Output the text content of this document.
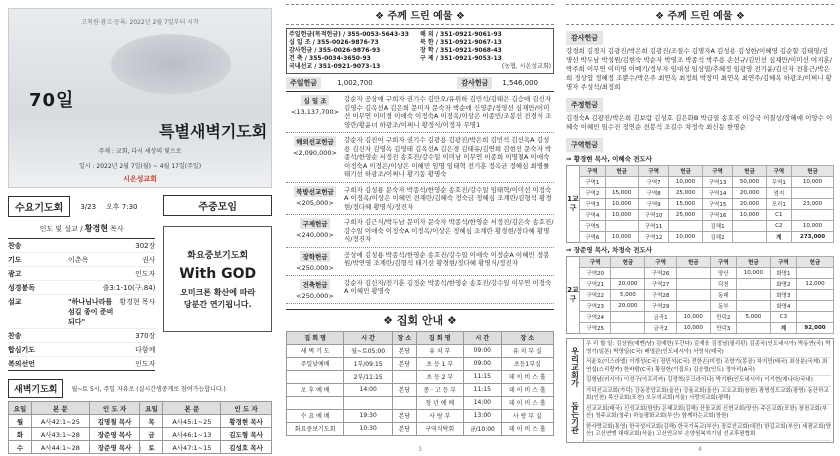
고척원·광고·등록: 2022년 2월 7일부터 시작
70일
특별새벽기도회
주제 : 교회, 다시 세상의 빛으로
일시 : 2022년 2월 7일(월) ~ 4월 17일(주일)
시온성교회
수요기도회	3/23 오후 7:30
인도 및 설교 / 황경현 목사
찬송	302장
기도	이춘옥	권사
광고	인도자
성경봉독	출3:1-10(구.84)
설교	"하나님나라를 섬길 종이 준비되다"
황경현 목사
찬송	370장
합심기도	다함께
복의선언	인도자
주중모임
화요중보기도회
With GOD
오미크론 확산에 따라
당분간 연기됩니다.
새벽기도회	월~토 5시, 주일 자유로 (실시간생중계로 참여가능합니다.)
요일	본 문	인 도 자	요일	본 문	인 도 자
월	A사42:1~25	김명철 목사	목	A사45:1~25	황경현 목사
화	A사43:1~28	장준영 목사	금	A사46:1~13	김도형 목사
수	A사44:1~28	장준영 목사	토	A사47:1~15	김성호 목사
2
❖ 주께 드린 예물 ❖
주일헌금(목적헌금) / 355-0053-5643-33
십 일 조 / 355-0026-9876-73
감사헌금 / 355-0026-9876-93
건 축 / 355-0034-3650-93
국내선교 / 351-0921-9073-13
해 외 / 351-0921-9061-93
북 한 / 351-0921-9067-13
장 학 / 351-0921-9068-43
구 제 / 351-0921-9053-13
(농협, 시온성교회)
주일헌금	1,002,700	감사헌금	1,546,000
십 일 조
<13,137,700>
강순자 공상애 구희자 권기수 김만오/유위하 김민석/김태은 김승애 김신자 김영수 김옥선A 김은희 문미자 문숙자 박순애 신영준/정영선 심재만/이미선 이무연 이미경 이애숙 이정숙A 이정옥/이상은 이종민/조봉선 전경식 조영란/황윤녀 하광조/이쩌니 황정식/이정자 무명1
해외선교헌금
<2,090,000>
강순자 김진이 구희자 권기수 김광용 김광진/박은희 김민석 김선옥A 김성용 김신자 김영옥 김영태 김옥선A 김은경 김태유/김연희 김현선 문숙자 박종석/한영순 서정진 송호진/강수일 이미남 이무연 이종희 이명철A 이애숙 이정숙A 이정은/이상은 이혜민 임명 임태혁 전기훈 정옥균 정혜심 최병률 태기선 하광조/이쩌니 황기동 황명숙
북방선교헌금
<205,000>
구희자 김성룡 문숙자 박종석/한영순 송호진/강수일 임태혁/이미선 이정숙A 이정옥/이상은 이혜민 전재란/김혜숙 정숙금 정혜심 조계란/김형석 황경현/정다혜 황명식/정진자
구제헌금
<240,000>
구희자 김근식/박두남 문미자 문숙자 박종석/한영순 서정진/김은숙 송호진/강수일 이애숙 이정숙A 이정옥/이상은 정혜심 조계란 황경현/정다혜 황명식/정진자
장학헌금
<250,000>
공상애 김성룡 박종석/한영순 송호진/강수일 이애숙 이정순A 이혜민 정봉원/박연영 조계란/김형석 태기선 황경현/정다혜 황명식/정진자
건축헌금
<250,000>
강순자 김신자/전기훈 김정순 박종석/한영순 송호진/강수일 이무연 이정숙A 이혜민 황명숙
❖ 집회 안내 ❖
집 회 명	시 간	장 소	집 회 명	시 간	장 소
새 벽 기 도	월~토05:00	본당	유 치 부	09:00	유 치 부 실
주일낮예배	1부/09:15	본당	초 등 1 부	09:00	초등1부실
	2부/11:15		초 등 2 부	11:15	데 이 비 스 홀
오 후 예 배	14:00	본당	중 · 고 등 부	11:15	데 이 비 스 홀
			청 년 예 배	14:00	데 이 비 스 홀
수 요 예 배	19:30	본당	사 랑 부	13:00	사 랑 부 실
화요중보기도회	10:30	본당	구역식탁회	금/10:00	데 이 비 스 홀
3
❖ 주께 드린 예물 ❖
감사헌금
강경희 김경지 김광진/박은희 김광진/조절수 김명자A 김성용 김성한/이혜영 김순할 김태영/김명선 박두남 박성원/김현숙 박순자 박영조 박종석 박주용 손선규/김민선 심재만/이미선 여지훈/박주희 이무연 이미영 이예기/정부자 임대성 임상열/추혜정 임광영 전기윤/김신자 전홍근/박은희 정상엽 정혜정 조뿐수/박은주 최연옥 최정희 박장미 최연옥 최연주/김혜옥 하광조/이쩌니 황명자 주성석/최정희
주정헌금
김경숙A 김광진/박은희 김보람 김성호 김은화B 박급열 송호진 이강국 이칠상/장혜애 이양수 이혜숙 이혜민 임수진 정연순 전봉석 조길수 차정숙 최신동 한명순
구역헌금
⇒ 황경현 목사, 이혜숙 전도사
1교구
구역	헌금	구역	헌금	구역	헌금	구역	헌금
구역1		구역7	10,000	구역13	50,000	무역1	10,000
구역2	15,000	구역8	25,000	구역14	20,000	엄지	
구역3	10,000	구역9	15,000	구역15	20,000	모리1	23,000
구역4	10,000	구역10	25,000	구역16	10,000	C1	
구역5		구역11		김해1		C2	10,000
구역6	10,000	구역12	10,000	김해2		계	273,000
⇒ 장준영 목사, 차정숙 전도사
2교구
구역	헌금	구역	헌금	구역	헌금	구역	헌금
구역20		구역26		양산	10,000	화명1	
구역21	20,000	구역27		덕천		화명2	12,000
구역22	5,000	구역28		동래		화명3	
구역23	20,000	구역29		동부		화명4	
구역24		금곡1	10,000	만덕2	5,000	C3	
구역25		금곡2	10,000	만덕3		계	92,000
우리교회가
돕는기관
우 리 할 일: 김상원(예멘/남) 김예한(우간다) 김재웅 김정남(필리핀) 김종국(인도네시아) 박동연(국) 박영기(일본) 박영일(C국) 배영관(인도네시아) 서영식(태국)
서윤호(이스라엘) 이개성(C국) 장민석(C국) 전한손(미정) 조향기(몽골) 차지민(태국) 최상분(국제) 최연실(스리랑카) 한바람(C국) 황장헌(이집트) 김승렬(인도) 정아리(A국)
김형남(러시아) 이성구(아프리카) 김정혁(우크라이나) 박기환(인도네시아) 이기현(캐나다/국내)
가덕선교교회(가덕) 강동중앙교회(울산) 강율교회(울산) 고요교회(창원) 광명성도교회(광명) 동산하교회(인천) 목산교회(포천) 모두의교회(서울) 사랑의교회(평택)
선교교회(태국) 신성교회(함양) 은혜교회(김해) 산돌교회 신현교회(양산) 주은교회(포항) 창천교회(부산) 청주교회(청주) 하늘평화교회(부산) 함께하는교회(창원)
한사랑교회(통영) 한국성서교회(김해) 한국기독교(부산) 장로선교회(대전) 한길교회(부산) 세광교회(양산) 고신연맹 대대교회(서울) 고신연교부 손양원복지기념 선교후원협회
4
